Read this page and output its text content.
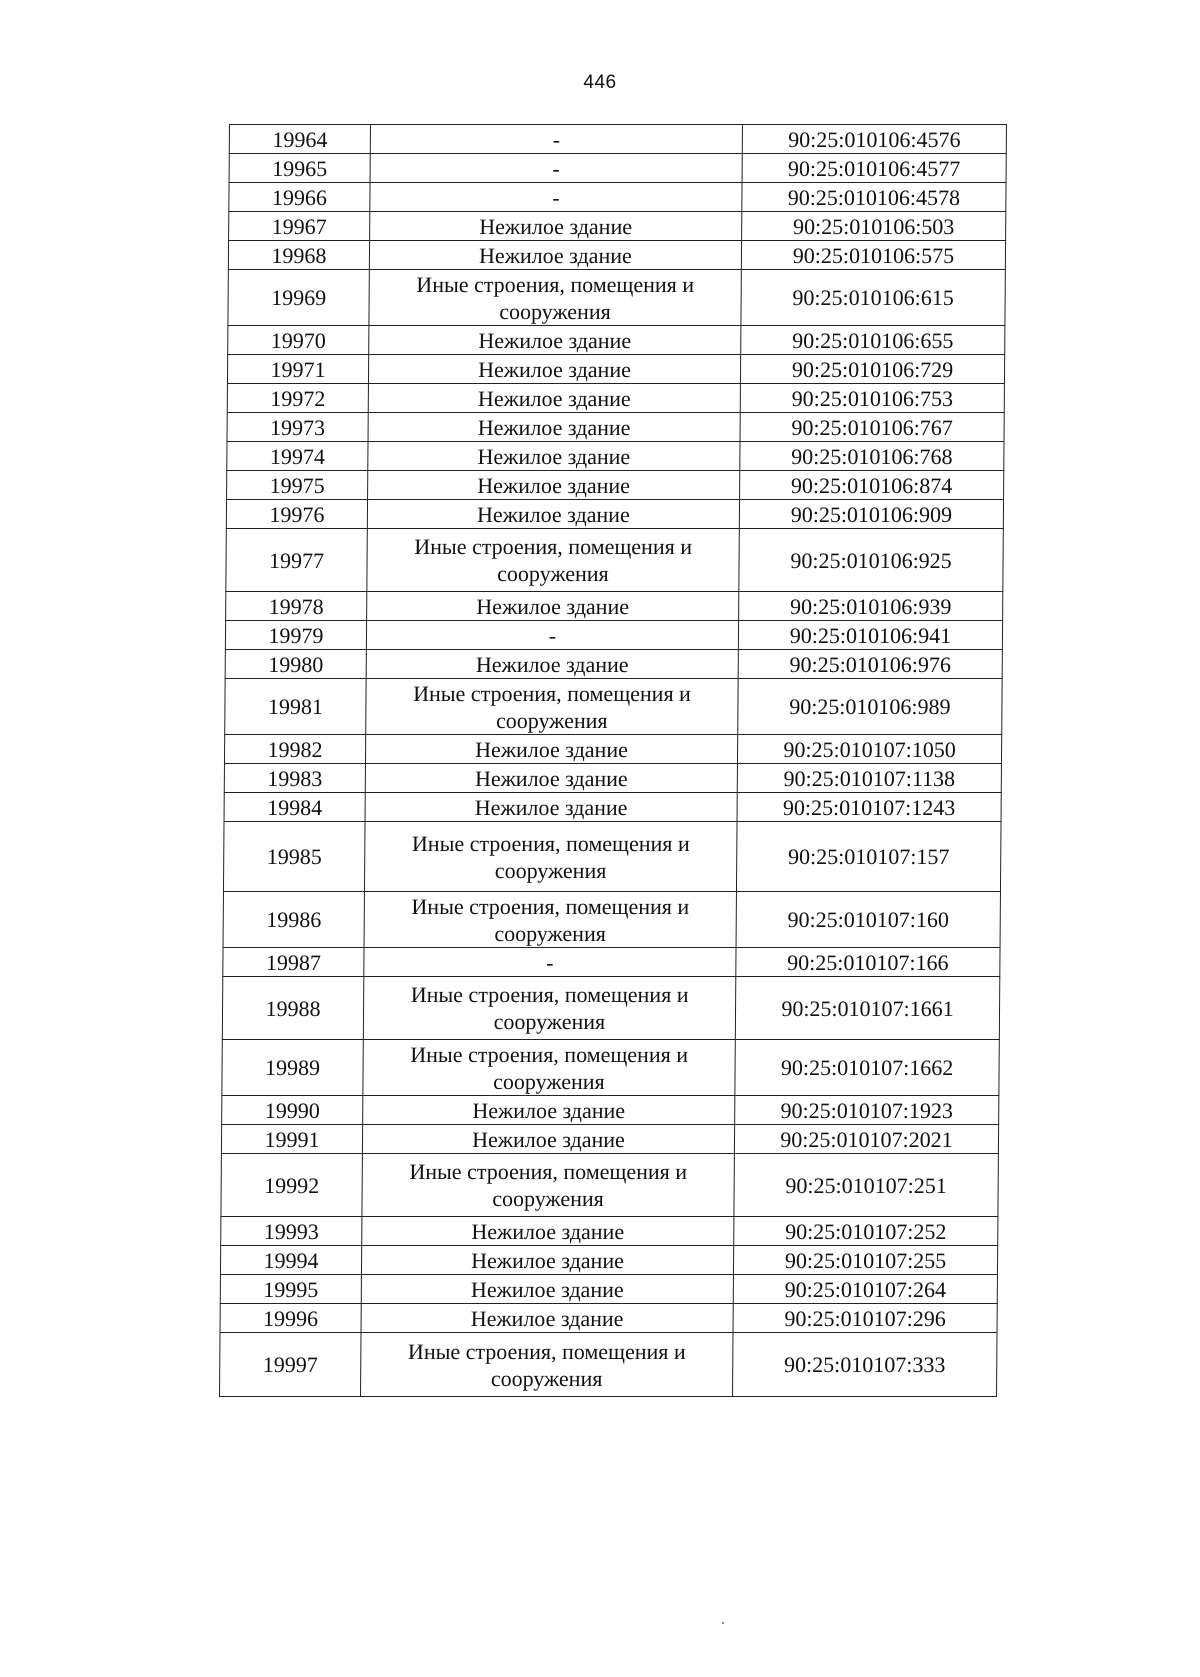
446
19964	-	90:25:010106:4576
19965	-	90:25:010106:4577
19966	-	90:25:010106:4578
19967	Нежилое здание	90:25:010106:503
19968	Нежилое здание	90:25:010106:575
19969	Иные строения, помещения и сооружения	90:25:010106:615
19970	Нежилое здание	90:25:010106:655
19971	Нежилое здание	90:25:010106:729
19972	Нежилое здание	90:25:010106:753
19973	Нежилое здание	90:25:010106:767
19974	Нежилое здание	90:25:010106:768
19975	Нежилое здание	90:25:010106:874
19976	Нежилое здание	90:25:010106:909
19977	Иные строения, помещения и сооружения	90:25:010106:925
19978	Нежилое здание	90:25:010106:939
19979	-	90:25:010106:941
19980	Нежилое здание	90:25:010106:976
19981	Иные строения, помещения и сооружения	90:25:010106:989
19982	Нежилое здание	90:25:010107:1050
19983	Нежилое здание	90:25:010107:1138
19984	Нежилое здание	90:25:010107:1243
19985	Иные строения, помещения и сооружения	90:25:010107:157
19986	Иные строения, помещения и сооружения	90:25:010107:160
19987	-	90:25:010107:166
19988	Иные строения, помещения и сооружения	90:25:010107:1661
19989	Иные строения, помещения и сооружения	90:25:010107:1662
19990	Нежилое здание	90:25:010107:1923
19991	Нежилое здание	90:25:010107:2021
19992	Иные строения, помещения и сооружения	90:25:010107:251
19993	Нежилое здание	90:25:010107:252
19994	Нежилое здание	90:25:010107:255
19995	Нежилое здание	90:25:010107:264
19996	Нежилое здание	90:25:010107:296
19997	Иные строения, помещения и сооружения	90:25:010107:333
